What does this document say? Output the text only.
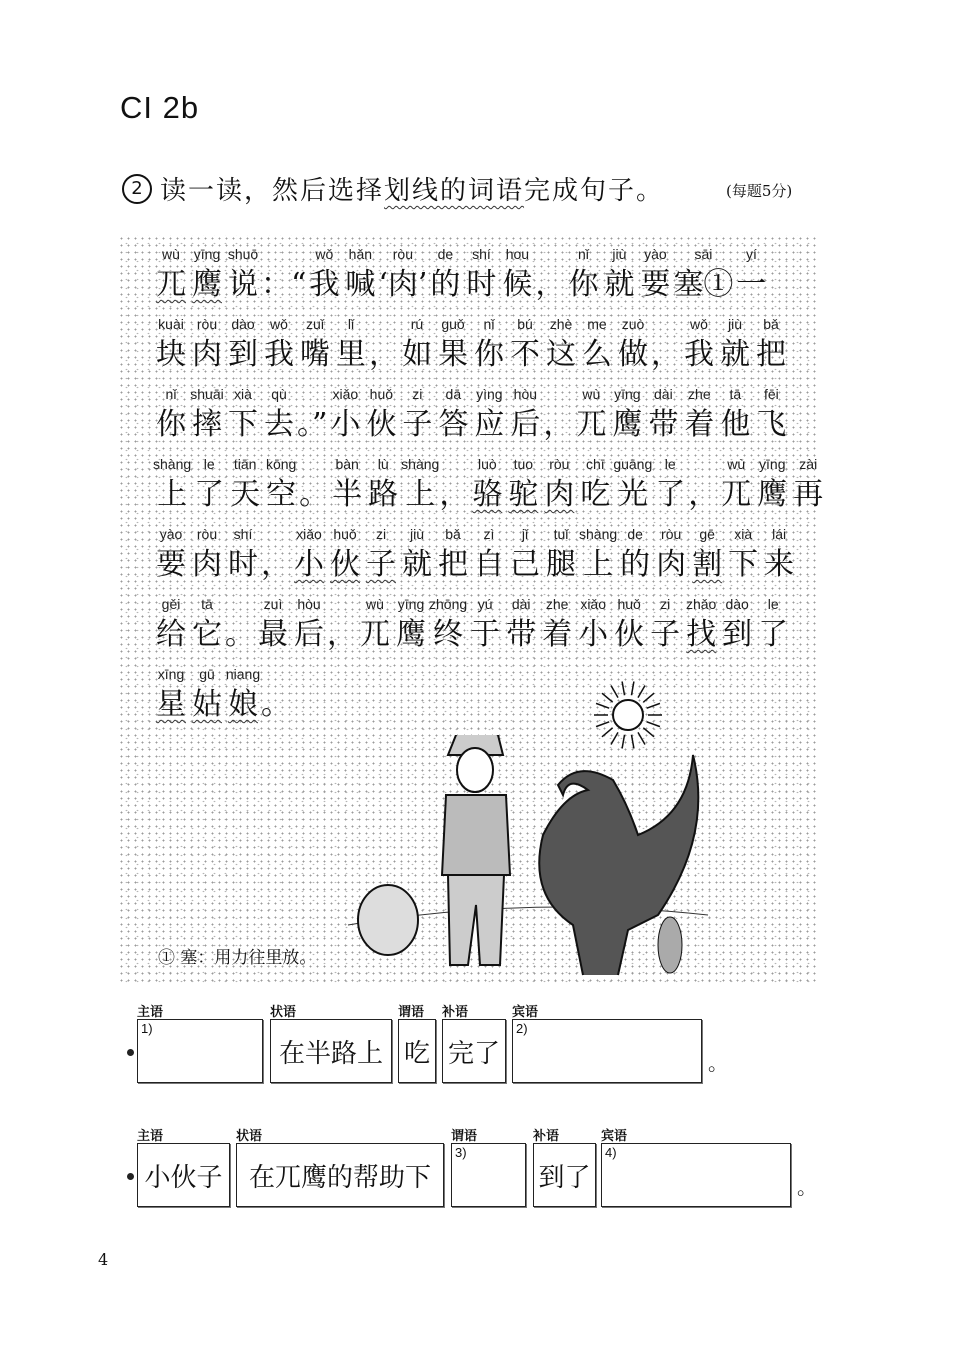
CI 2b
2 读一读，然后选择划线的词语完成句子。	(每题5分)
wù
兀
yīng
鹰
shuō
说 ：“
wǒ
我
hǎn
喊
ròu
‘肉’
de
的
shí
时
hou
候 ，
nǐ
你
jiù
就
yào
要
sāi
塞①
yí
一
kuài
块
ròu
肉
dào
到
wǒ
我
zuǐ
嘴
lǐ
里 ，
rú
如
guǒ
果
nǐ
你
bú
不
zhè
这
me
么
zuò
做 ，
wǒ
我
jiù
就
bǎ
把
nǐ
你
shuāi
摔
xià
下
qù
去 。”
xiǎo
小
huǒ
伙
zi
子
dā
答
yìng
应
hòu
后 ，
wù
兀
yīng
鹰
dài
带
zhe
着
tā
他
fēi
飞
shàng
上
le
了
tiān
天
kōng
空 。
bàn
半
lù
路
shàng
上 ，
luò
骆
tuo
驼
ròu
肉
chī
吃
guāng
光
le
了 ，
wù
兀
yīng
鹰
zài
再
yào
要
ròu
肉
shí
时 ，
xiǎo
小
huǒ
伙
zi
子
jiù
就
bǎ
把
zì
自
jǐ
己
tuǐ
腿
shàng
上
de
的
ròu
肉
gē
割
xià
下
lái
来
gěi
给
tā
它 。
zuì
最
hòu
后 ，
wù
兀
yīng
鹰
zhōng
终
yú
于
dài
带
zhe
着
xiǎo
小
huǒ
伙
zi
子
zhǎo
找
dào
到
le
了
xīng
星
gū
姑
niang
娘 。
① 塞：用力往里放。
主语
1)
状语
在半路上
谓语
吃
补语
完了
宾语
2)
。
主语
小伙子
状语
在兀鹰的帮助下
谓语
3)
补语
到了
宾语
4)
。
4
